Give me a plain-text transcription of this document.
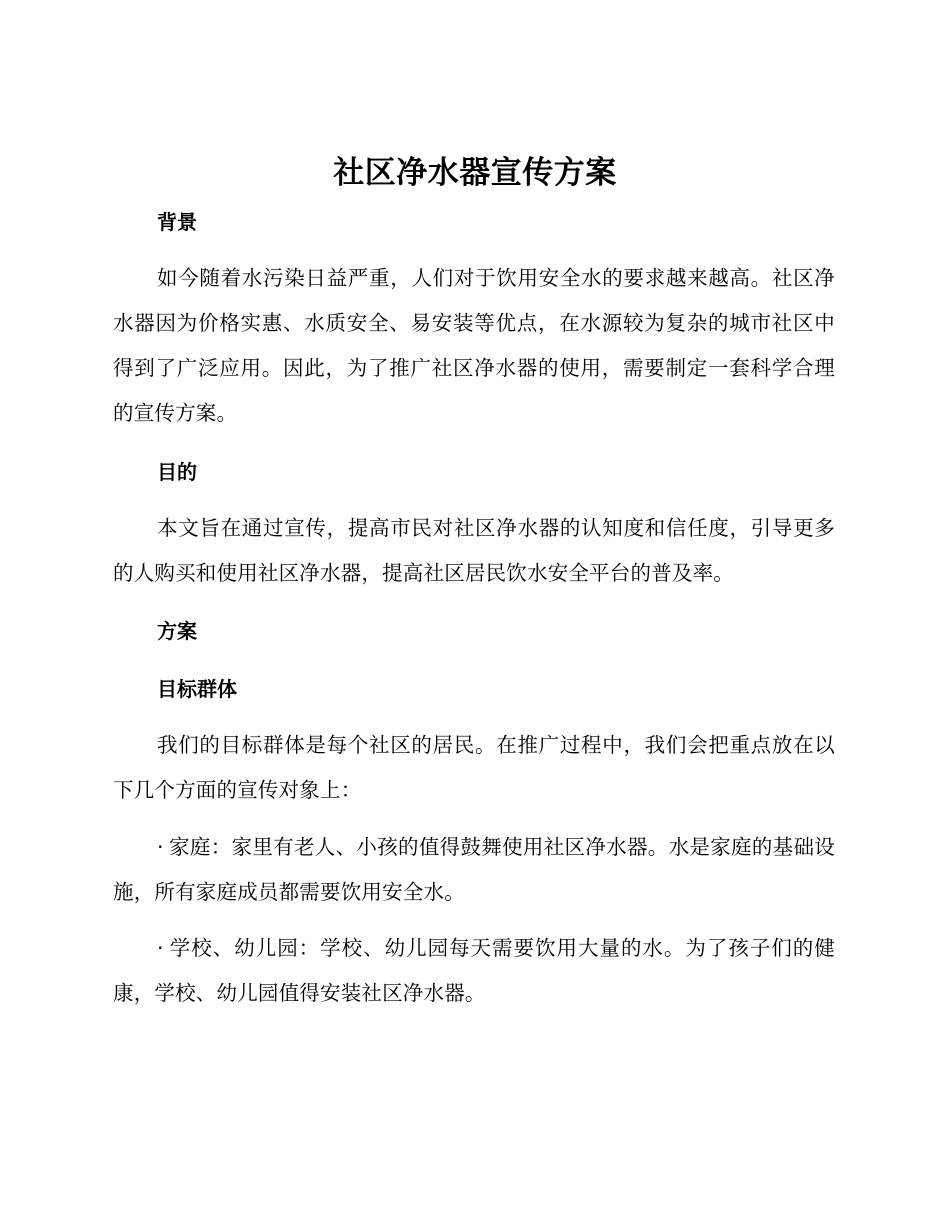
社区净水器宣传方案
背景
如今随着水污染日益严重，人们对于饮用安全水的要求越来越高。社区净水器因为价格实惠、水质安全、易安装等优点，在水源较为复杂的城市社区中得到了广泛应用。因此，为了推广社区净水器的使用，需要制定一套科学合理的宣传方案。
目的
本文旨在通过宣传，提高市民对社区净水器的认知度和信任度，引导更多的人购买和使用社区净水器，提高社区居民饮水安全平台的普及率。
方案
目标群体
我们的目标群体是每个社区的居民。在推广过程中，我们会把重点放在以下几个方面的宣传对象上：
· 家庭：家里有老人、小孩的值得鼓舞使用社区净水器。水是家庭的基础设施，所有家庭成员都需要饮用安全水。
· 学校、幼儿园：学校、幼儿园每天需要饮用大量的水。为了孩子们的健康，学校、幼儿园值得安装社区净水器。
